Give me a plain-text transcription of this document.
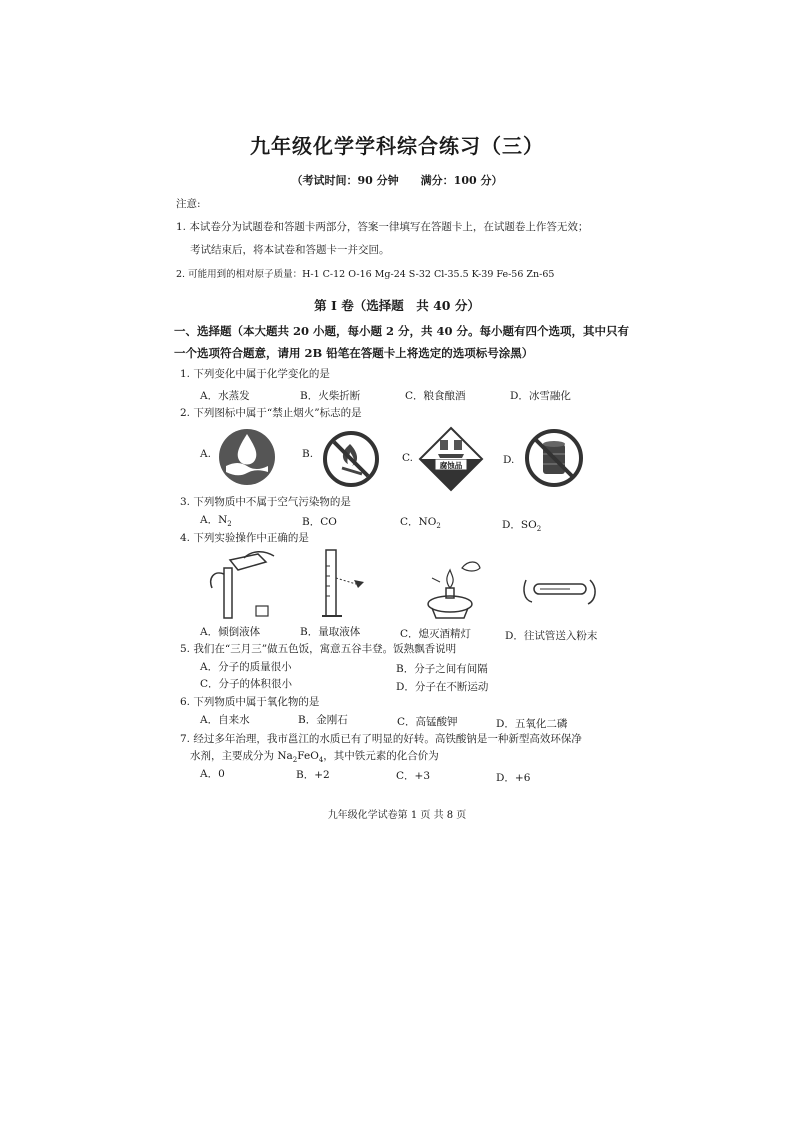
九年级化学学科综合练习（三）
（考试时间：90 分钟　　满分：100 分）
注意:
1. 本试卷分为试题卷和答题卡两部分，答案一律填写在答题卡上，在试题卷上作答无效；
考试结束后，将本试卷和答题卡一并交回。
2. 可能用到的相对原子质量：H-1 C-12 O-16 Mg-24 S-32 Cl-35.5 K-39 Fe-56 Zn-65
第 I 卷（选择题　共 40 分）
一、选择题（本大题共 20 小题，每小题 2 分，共 40 分。每小题有四个选项，其中只有一个选项符合题意，请用 2B 铅笔在答题卡上将选定的选项标号涂黑）
1. 下列变化中属于化学变化的是
A．水蒸发	B．火柴折断	C．粮食酿酒	D．冰雪融化
2. 下列图标中属于“禁止烟火”标志的是
A.	B.	C.	D.
腐蚀品
3. 下列物质中不属于空气污染物的是
A．$N_2$	B．CO	C．$NO_2$	D．$SO_2$
4. 下列实验操作中正确的是
A．倾倒液体	B．量取液体	C．熄灭酒精灯	D．往试管送入粉末
5. 我们在“三月三”做五色饭，寓意五谷丰登。饭熟飘香说明
A．分子的质量很小	B．分子之间有间隔
C．分子的体积很小	D．分子在不断运动
6. 下列物质中属于氧化物的是
A．自来水	B．金刚石	C．高锰酸钾	D．五氧化二磷
7. 经过多年治理，我市邕江的水质已有了明显的好转。高铁酸钠是一种新型高效环保净
水剂，主要成分为 $Na_2FeO_4$，其中铁元素的化合价为
A．0	B．+2	C．+3	D．+6
九年级化学试卷第 1 页 共 8 页
